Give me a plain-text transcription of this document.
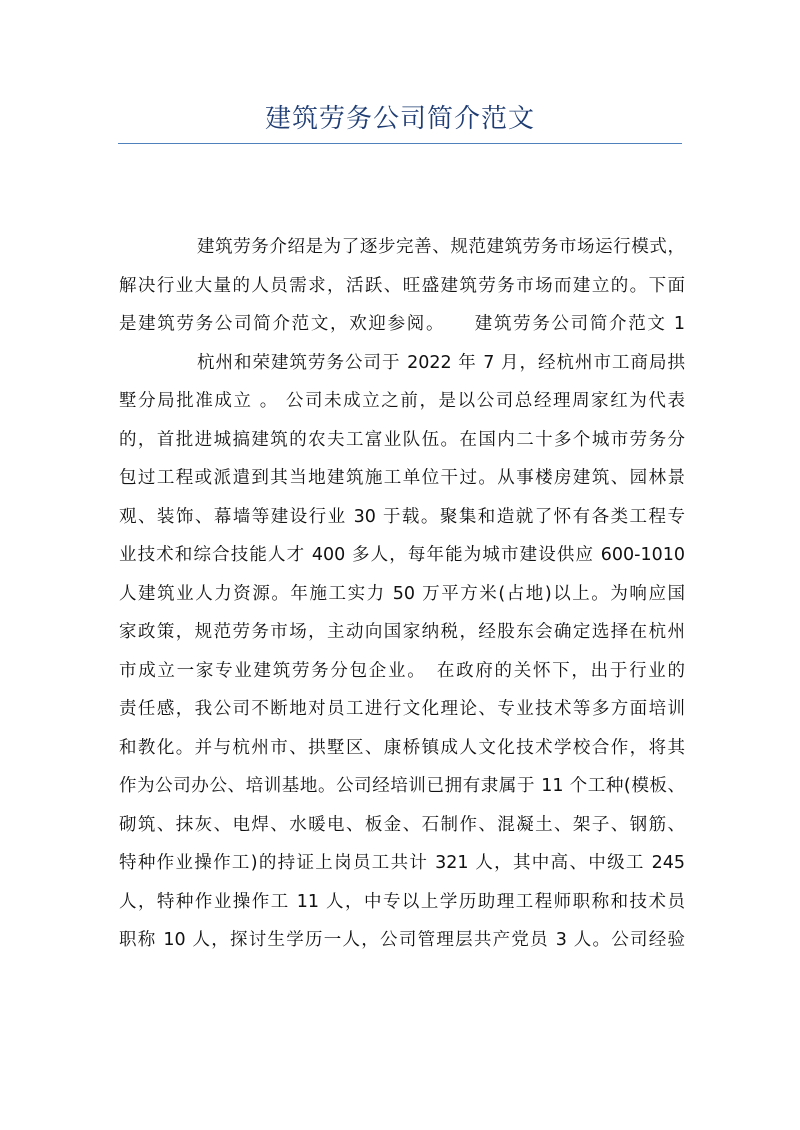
建筑劳务公司简介范文
建筑劳务介绍是为了逐步完善、规范建筑劳务市场运行模式，
解决行业大量的人员需求，活跃、旺盛建筑劳务市场而建立的。下面
是建筑劳务公司简介范文，欢迎参阅。　　建筑劳务公司简介范文 1
杭州和荣建筑劳务公司于 2022 年 7 月，经杭州市工商局拱
墅分局批准成立 。 公司未成立之前，是以公司总经理周家红为代表
的，首批进城搞建筑的农夫工富业队伍。在国内二十多个城市劳务分
包过工程或派遣到其当地建筑施工单位干过。从事楼房建筑、园林景
观、装饰、幕墙等建设行业 30 于载。聚集和造就了怀有各类工程专
业技术和综合技能人才 400 多人，每年能为城市建设供应 600-1010
人建筑业人力资源。年施工实力 50 万平方米(占地)以上。为响应国
家政策，规范劳务市场，主动向国家纳税，经股东会确定选择在杭州
市成立一家专业建筑劳务分包企业。　在政府的关怀下，出于行业的
责任感，我公司不断地对员工进行文化理论、专业技术等多方面培训
和教化。并与杭州市、拱墅区、康桥镇成人文化技术学校合作，将其
作为公司办公、培训基地。公司经培训已拥有隶属于 11 个工种(模板、
砌筑、抹灰、电焊、水暖电、板金、石制作、混凝土、架子、钢筋、
特种作业操作工)的持证上岗员工共计 321 人，其中高、中级工 245
人，特种作业操作工 11 人，中专以上学历助理工程师职称和技术员
职称 10 人，探讨生学历一人，公司管理层共产党员 3 人。公司经验
